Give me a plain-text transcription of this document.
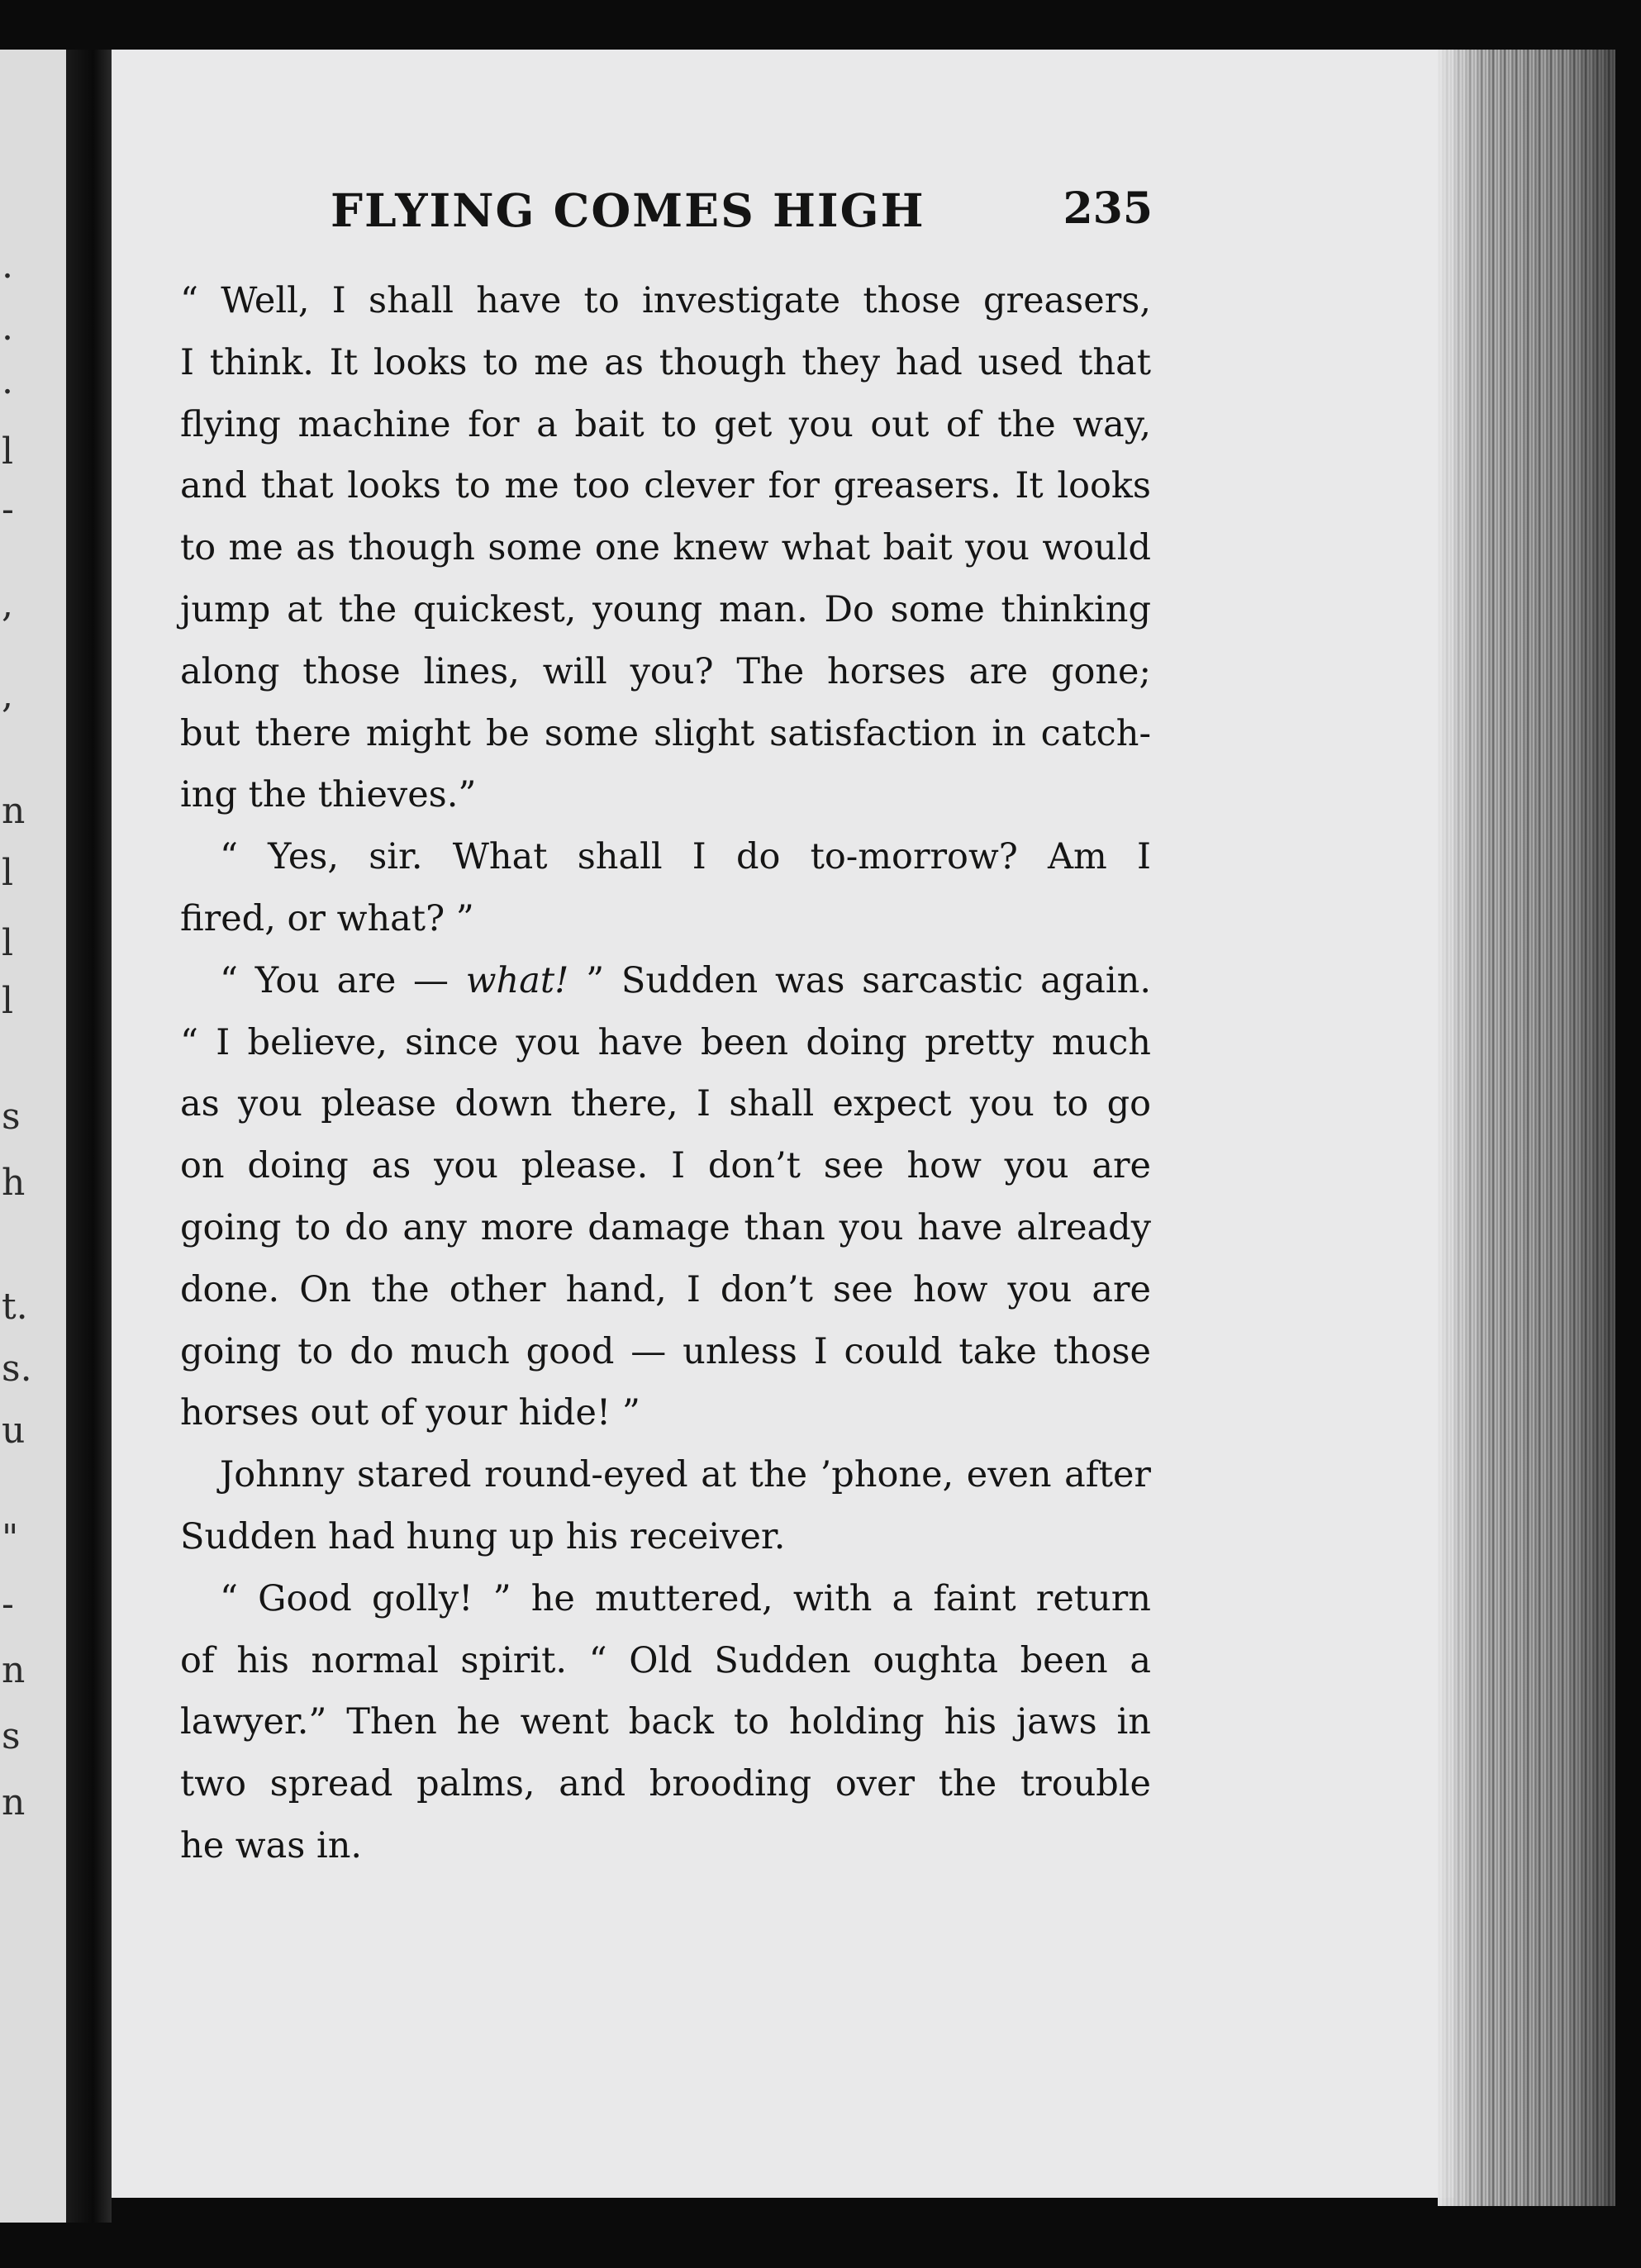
.
.
.
l
-
,
,
n
l
l
l
s
h
t.
s.
u
"
-
n
s
n
FLYING COMES HIGH	235
“ Well, I shall have to investigate those greasers,
I think. It looks to me as though they had used that
flying machine for a bait to get you out of the way,
and that looks to me too clever for greasers. It looks
to me as though some one knew what bait you would
jump at the quickest, young man. Do some thinking
along those lines, will you? The horses are gone;
but there might be some slight satisfaction in catch-
ing the thieves.”
“ Yes, sir. What shall I do to-morrow? Am I
fired, or what? ”
“ You are — what! ” Sudden was sarcastic again.
“ I believe, since you have been doing pretty much
as you please down there, I shall expect you to go
on doing as you please. I don’t see how you are
going to do any more damage than you have already
done. On the other hand, I don’t see how you are
going to do much good — unless I could take those
horses out of your hide! ”
Johnny stared round-eyed at the ’phone, even after
Sudden had hung up his receiver.
“ Good golly! ” he muttered, with a faint return
of his normal spirit. “ Old Sudden oughta been a
lawyer.” Then he went back to holding his jaws in
two spread palms, and brooding over the trouble
he was in.
